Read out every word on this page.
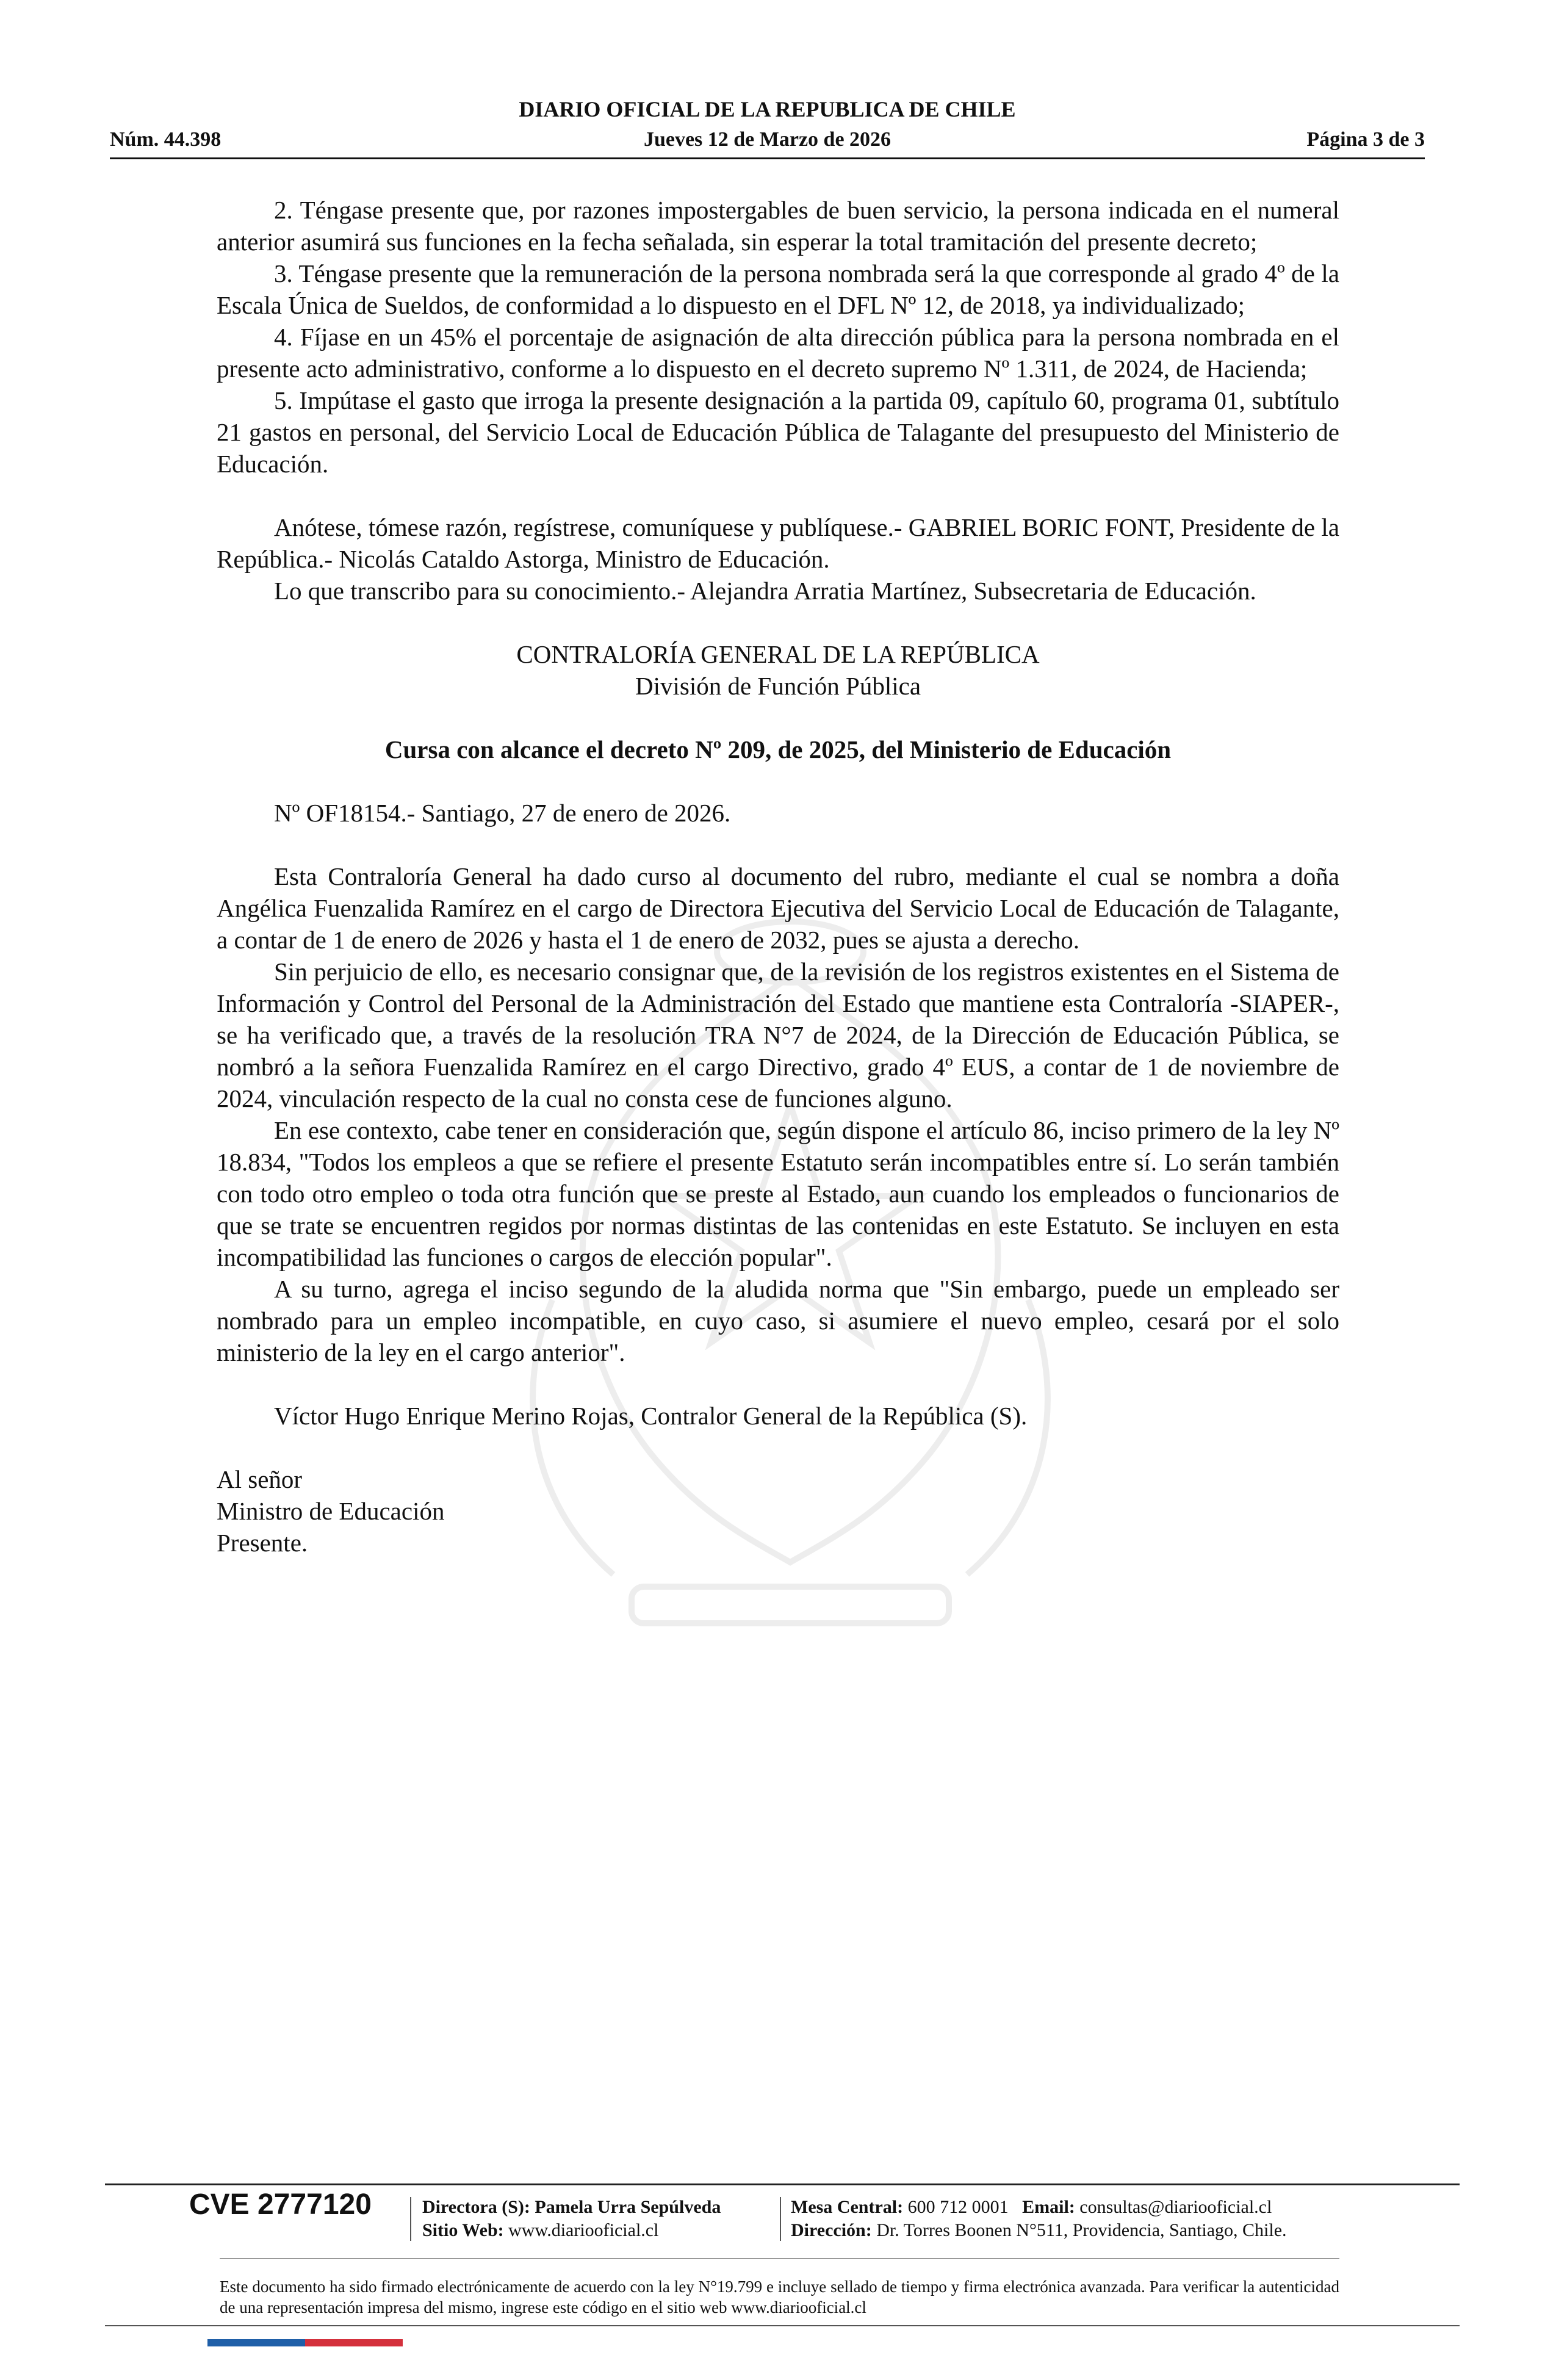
DIARIO OFICIAL DE LA REPUBLICA DE CHILE
Núm. 44.398	Jueves 12 de Marzo de 2026	Página 3 de 3

2. Téngase presente que, por razones impostergables de buen servicio, la persona indicada en el numeral anterior asumirá sus funciones en la fecha señalada, sin esperar la total tramitación del presente decreto;

3. Téngase presente que la remuneración de la persona nombrada será la que corresponde al grado 4º de la Escala Única de Sueldos, de conformidad a lo dispuesto en el DFL Nº 12, de 2018, ya individualizado;

4. Fíjase en un 45% el porcentaje de asignación de alta dirección pública para la persona nombrada en el presente acto administrativo, conforme a lo dispuesto en el decreto supremo Nº 1.311, de 2024, de Hacienda;

5. Impútase el gasto que irroga la presente designación a la partida 09, capítulo 60, programa 01, subtítulo 21 gastos en personal, del Servicio Local de Educación Pública de Talagante del presupuesto del Ministerio de Educación.

Anótese, tómese razón, regístrese, comuníquese y publíquese.- GABRIEL BORIC FONT, Presidente de la República.- Nicolás Cataldo Astorga, Ministro de Educación.

Lo que transcribo para su conocimiento.- Alejandra Arratia Martínez, Subsecretaria de Educación.

CONTRALORÍA GENERAL DE LA REPÚBLICA

División de Función Pública

Cursa con alcance el decreto Nº 209, de 2025, del Ministerio de Educación

Nº OF18154.- Santiago, 27 de enero de 2026.

Esta Contraloría General ha dado curso al documento del rubro, mediante el cual se nombra a doña Angélica Fuenzalida Ramírez en el cargo de Directora Ejecutiva del Servicio Local de Educación de Talagante, a contar de 1 de enero de 2026 y hasta el 1 de enero de 2032, pues se ajusta a derecho.

Sin perjuicio de ello, es necesario consignar que, de la revisión de los registros existentes en el Sistema de Información y Control del Personal de la Administración del Estado que mantiene esta Contraloría -SIAPER-, se ha verificado que, a través de la resolución TRA N°7 de 2024, de la Dirección de Educación Pública, se nombró a la señora Fuenzalida Ramírez en el cargo Directivo, grado 4º EUS, a contar de 1 de noviembre de 2024, vinculación respecto de la cual no consta cese de funciones alguno.

En ese contexto, cabe tener en consideración que, según dispone el artículo 86, inciso primero de la ley Nº 18.834, "Todos los empleos a que se refiere el presente Estatuto serán incompatibles entre sí. Lo serán también con todo otro empleo o toda otra función que se preste al Estado, aun cuando los empleados o funcionarios de que se trate se encuentren regidos por normas distintas de las contenidas en este Estatuto. Se incluyen en esta incompatibilidad las funciones o cargos de elección popular".

A su turno, agrega el inciso segundo de la aludida norma que "Sin embargo, puede un empleado ser nombrado para un empleo incompatible, en cuyo caso, si asumiere el nuevo empleo, cesará por el solo ministerio de la ley en el cargo anterior".

Víctor Hugo Enrique Merino Rojas, Contralor General de la República (S).

Al señor

Ministro de Educación

Presente.

CVE 2777120	Directora (S): Pamela Urra Sepúlveda
Sitio Web: www.diariooficial.cl
Mesa Central: 600 712 0001 Email: consultas@diariooficial.cl
Dirección: Dr. Torres Boonen N°511, Providencia, Santiago, Chile.

Este documento ha sido firmado electrónicamente de acuerdo con la ley N°19.799 e incluye sellado de tiempo y firma electrónica avanzada. Para verificar la autenticidad de una representación impresa del mismo, ingrese este código en el sitio web www.diariooficial.cl
